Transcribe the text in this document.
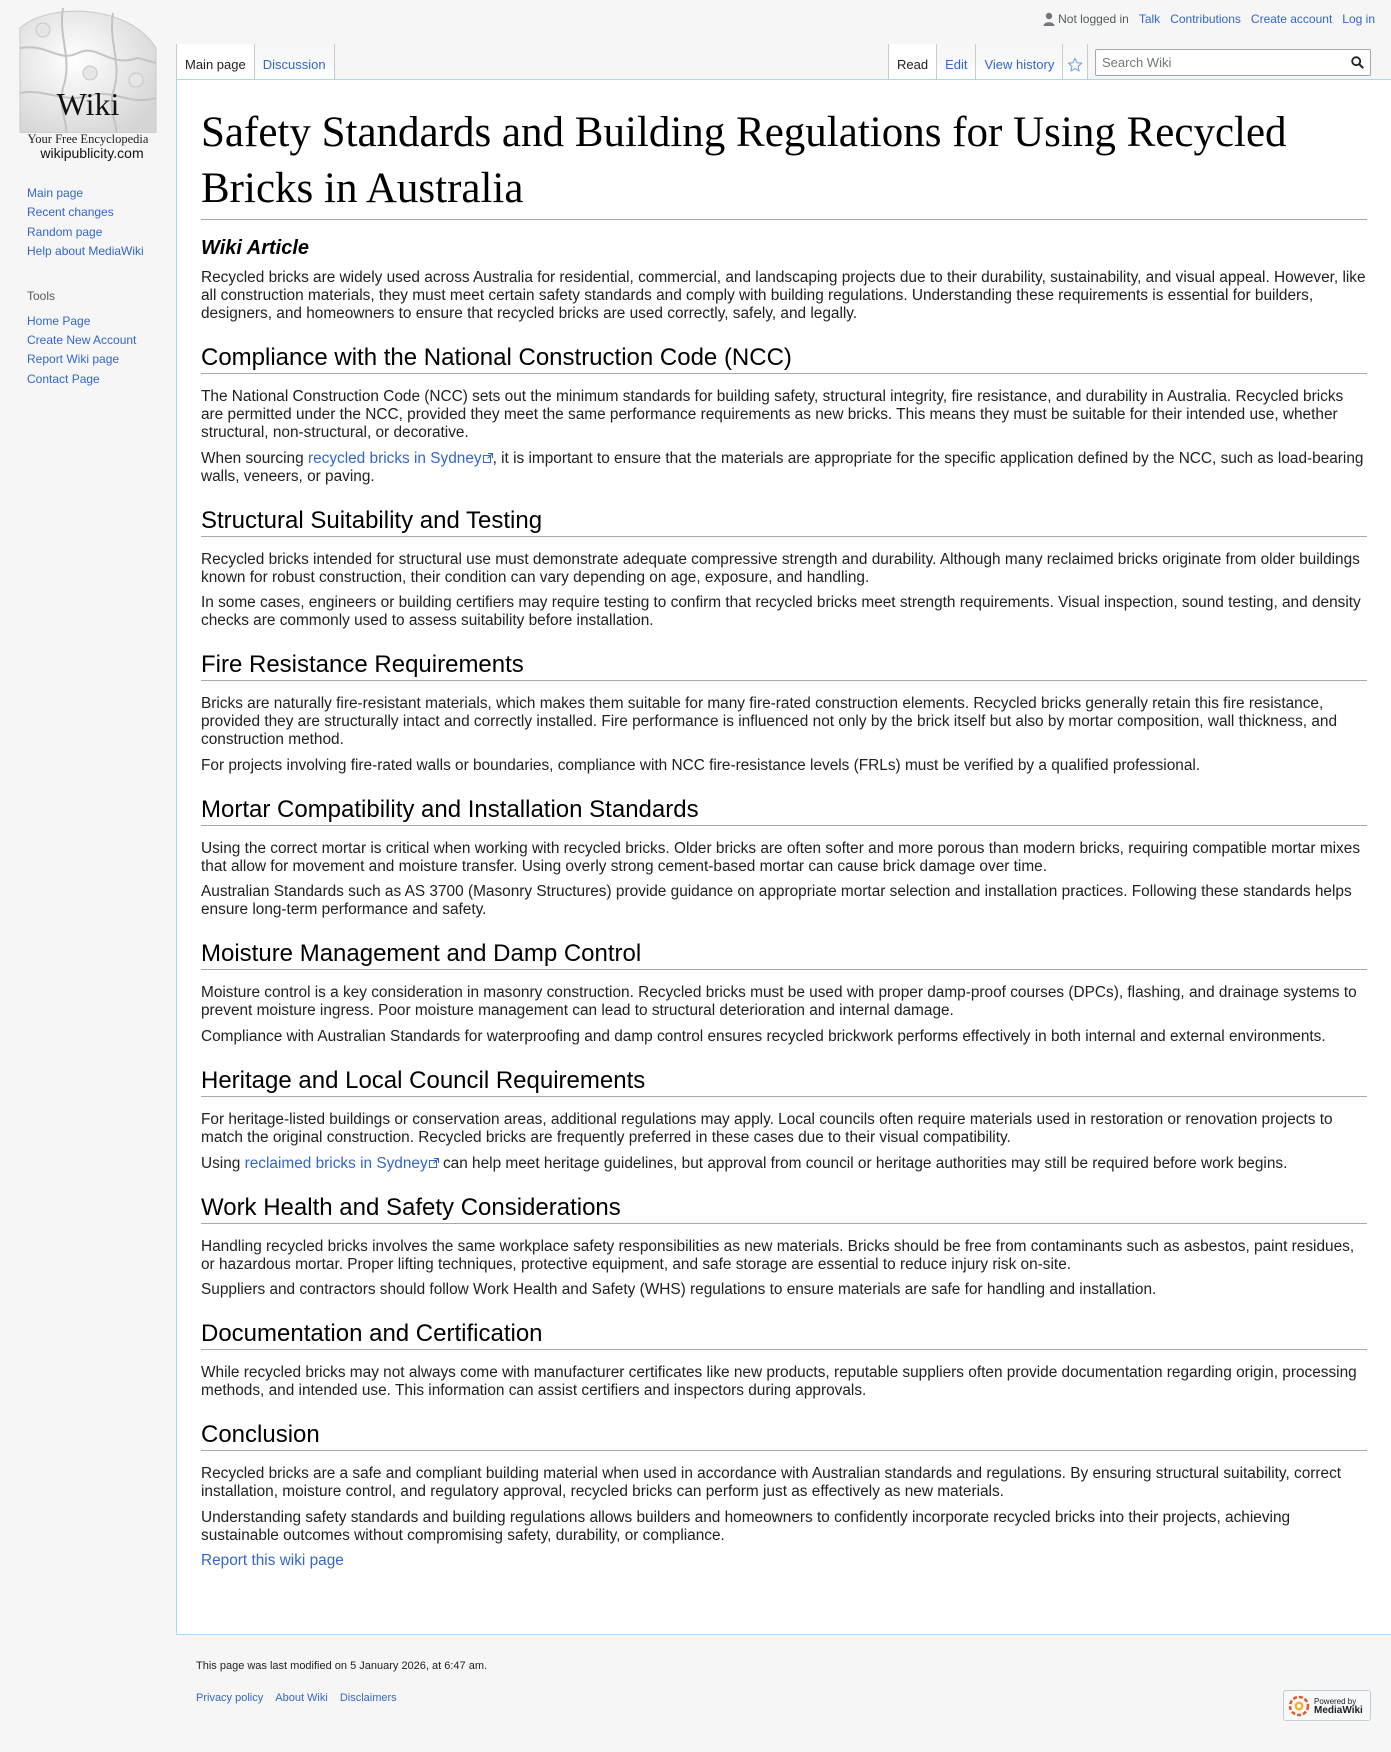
Not logged in Talk Contributions Create account Log in
Wiki
Your Free Encyclopedia
wikipublicity.com
Main page
Recent changes
Random page
Help about MediaWiki
Tools
Home Page
Create New Account
Report Wiki page
Contact Page
Main page Discussion	Read Edit View history
Search Wiki
Safety Standards and Building Regulations for Using Recycled Bricks in Australia
Wiki Article

Recycled bricks are widely used across Australia for residential, commercial, and landscaping projects due to their durability, sustainability, and visual appeal. However, like all construction materials, they must meet certain safety standards and comply with building regulations. Understanding these requirements is essential for builders, designers, and homeowners to ensure that recycled bricks are used correctly, safely, and legally.

Compliance with the National Construction Code (NCC)

The National Construction Code (NCC) sets out the minimum standards for building safety, structural integrity, fire resistance, and durability in Australia. Recycled bricks are permitted under the NCC, provided they meet the same performance requirements as new bricks. This means they must be suitable for their intended use, whether structural, non-structural, or decorative.

When sourcing recycled bricks in Sydney , it is important to ensure that the materials are appropriate for the specific application defined by the NCC, such as load-bearing walls, veneers, or paving.

Structural Suitability and Testing

Recycled bricks intended for structural use must demonstrate adequate compressive strength and durability. Although many reclaimed bricks originate from older buildings known for robust construction, their condition can vary depending on age, exposure, and handling.

In some cases, engineers or building certifiers may require testing to confirm that recycled bricks meet strength requirements. Visual inspection, sound testing, and density checks are commonly used to assess suitability before installation.

Fire Resistance Requirements

Bricks are naturally fire-resistant materials, which makes them suitable for many fire-rated construction elements. Recycled bricks generally retain this fire resistance, provided they are structurally intact and correctly installed. Fire performance is influenced not only by the brick itself but also by mortar composition, wall thickness, and construction method.

For projects involving fire-rated walls or boundaries, compliance with NCC fire-resistance levels (FRLs) must be verified by a qualified professional.

Mortar Compatibility and Installation Standards

Using the correct mortar is critical when working with recycled bricks. Older bricks are often softer and more porous than modern bricks, requiring compatible mortar mixes that allow for movement and moisture transfer. Using overly strong cement-based mortar can cause brick damage over time.

Australian Standards such as AS 3700 (Masonry Structures) provide guidance on appropriate mortar selection and installation practices. Following these standards helps ensure long-term performance and safety.

Moisture Management and Damp Control

Moisture control is a key consideration in masonry construction. Recycled bricks must be used with proper damp-proof courses (DPCs), flashing, and drainage systems to prevent moisture ingress. Poor moisture management can lead to structural deterioration and internal damage.

Compliance with Australian Standards for waterproofing and damp control ensures recycled brickwork performs effectively in both internal and external environments.

Heritage and Local Council Requirements

For heritage-listed buildings or conservation areas, additional regulations may apply. Local councils often require materials used in restoration or renovation projects to match the original construction. Recycled bricks are frequently preferred in these cases due to their visual compatibility.

Using reclaimed bricks in Sydney can help meet heritage guidelines, but approval from council or heritage authorities may still be required before work begins.

Work Health and Safety Considerations

Handling recycled bricks involves the same workplace safety responsibilities as new materials. Bricks should be free from contaminants such as asbestos, paint residues, or hazardous mortar. Proper lifting techniques, protective equipment, and safe storage are essential to reduce injury risk on-site.

Suppliers and contractors should follow Work Health and Safety (WHS) regulations to ensure materials are safe for handling and installation.

Documentation and Certification

While recycled bricks may not always come with manufacturer certificates like new products, reputable suppliers often provide documentation regarding origin, processing methods, and intended use. This information can assist certifiers and inspectors during approvals.

Conclusion

Recycled bricks are a safe and compliant building material when used in accordance with Australian standards and regulations. By ensuring structural suitability, correct installation, moisture control, and regulatory approval, recycled bricks can perform just as effectively as new materials.

Understanding safety standards and building regulations allows builders and homeowners to confidently incorporate recycled bricks into their projects, achieving sustainable outcomes without compromising safety, durability, or compliance.

Report this wiki page
This page was last modified on 5 January 2026, at 6:47 am.
Privacy policy About Wiki Disclaimers	Powered by
MediaWiki
